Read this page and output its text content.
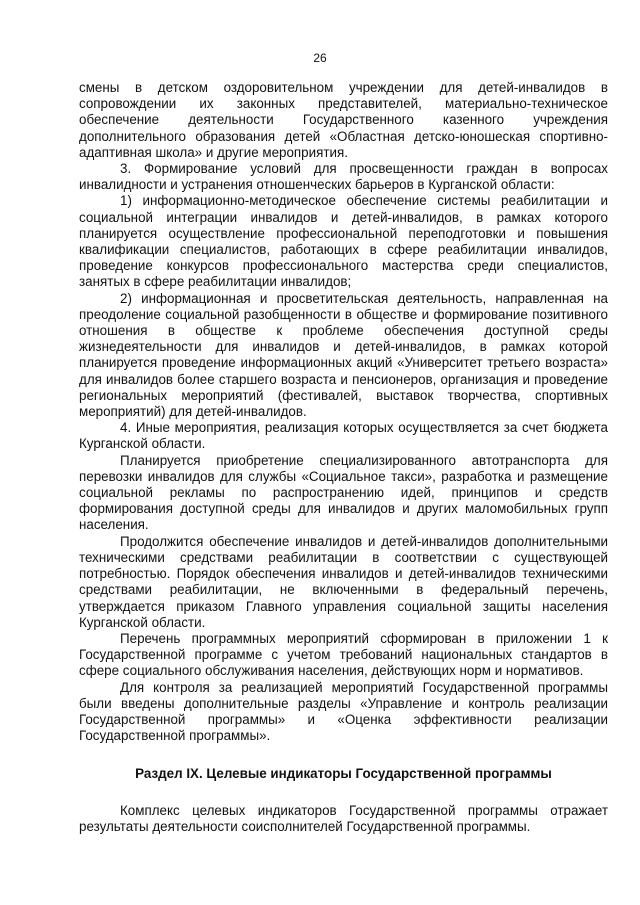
26

смены в детском оздоровительном учреждении для детей-инвалидов в сопровождении их законных представителей, материально-техническое обеспечение деятельности Государственного казенного учреждения дополнительного образования детей «Областная детско-юношеская спортивно-адаптивная школа» и другие мероприятия.

3. Формирование условий для просвещенности граждан в вопросах инвалидности и устранения отношенческих барьеров в Курганской области:

1) информационно-методическое обеспечение системы реабилитации и социальной интеграции инвалидов и детей-инвалидов, в рамках которого планируется осуществление профессиональной переподготовки и повышения квалификации специалистов, работающих в сфере реабилитации инвалидов, проведение конкурсов профессионального мастерства среди специалистов, занятых в сфере реабилитации инвалидов;

2) информационная и просветительская деятельность, направленная на преодоление социальной разобщенности в обществе и формирование позитивного отношения в обществе к проблеме обеспечения доступной среды жизнедеятельности для инвалидов и детей-инвалидов, в рамках которой планируется проведение информационных акций «Университет третьего возраста» для инвалидов более старшего возраста и пенсионеров, организация и проведение региональных мероприятий (фестивалей, выставок творчества, спортивных мероприятий) для детей-инвалидов.

4. Иные мероприятия, реализация которых осуществляется за счет бюджета Курганской области.

Планируется приобретение специализированного автотранспорта для перевозки инвалидов для службы «Социальное такси», разработка и размещение социальной рекламы по распространению идей, принципов и средств формирования доступной среды для инвалидов и других маломобильных групп населения.

Продолжится обеспечение инвалидов и детей-инвалидов дополнительными техническими средствами реабилитации в соответствии с существующей потребностью. Порядок обеспечения инвалидов и детей-инвалидов техническими средствами реабилитации, не включенными в федеральный перечень, утверждается приказом Главного управления социальной защиты населения Курганской области.

Перечень программных мероприятий сформирован в приложении 1 к Государственной программе с учетом требований национальных стандартов в сфере социального обслуживания населения, действующих норм и нормативов.

Для контроля за реализацией мероприятий Государственной программы были введены дополнительные разделы «Управление и контроль реализации Государственной программы» и «Оценка эффективности реализации Государственной программы».

Раздел IX. Целевые индикаторы Государственной программы

Комплекс целевых индикаторов Государственной программы отражает результаты деятельности соисполнителей Государственной программы.
